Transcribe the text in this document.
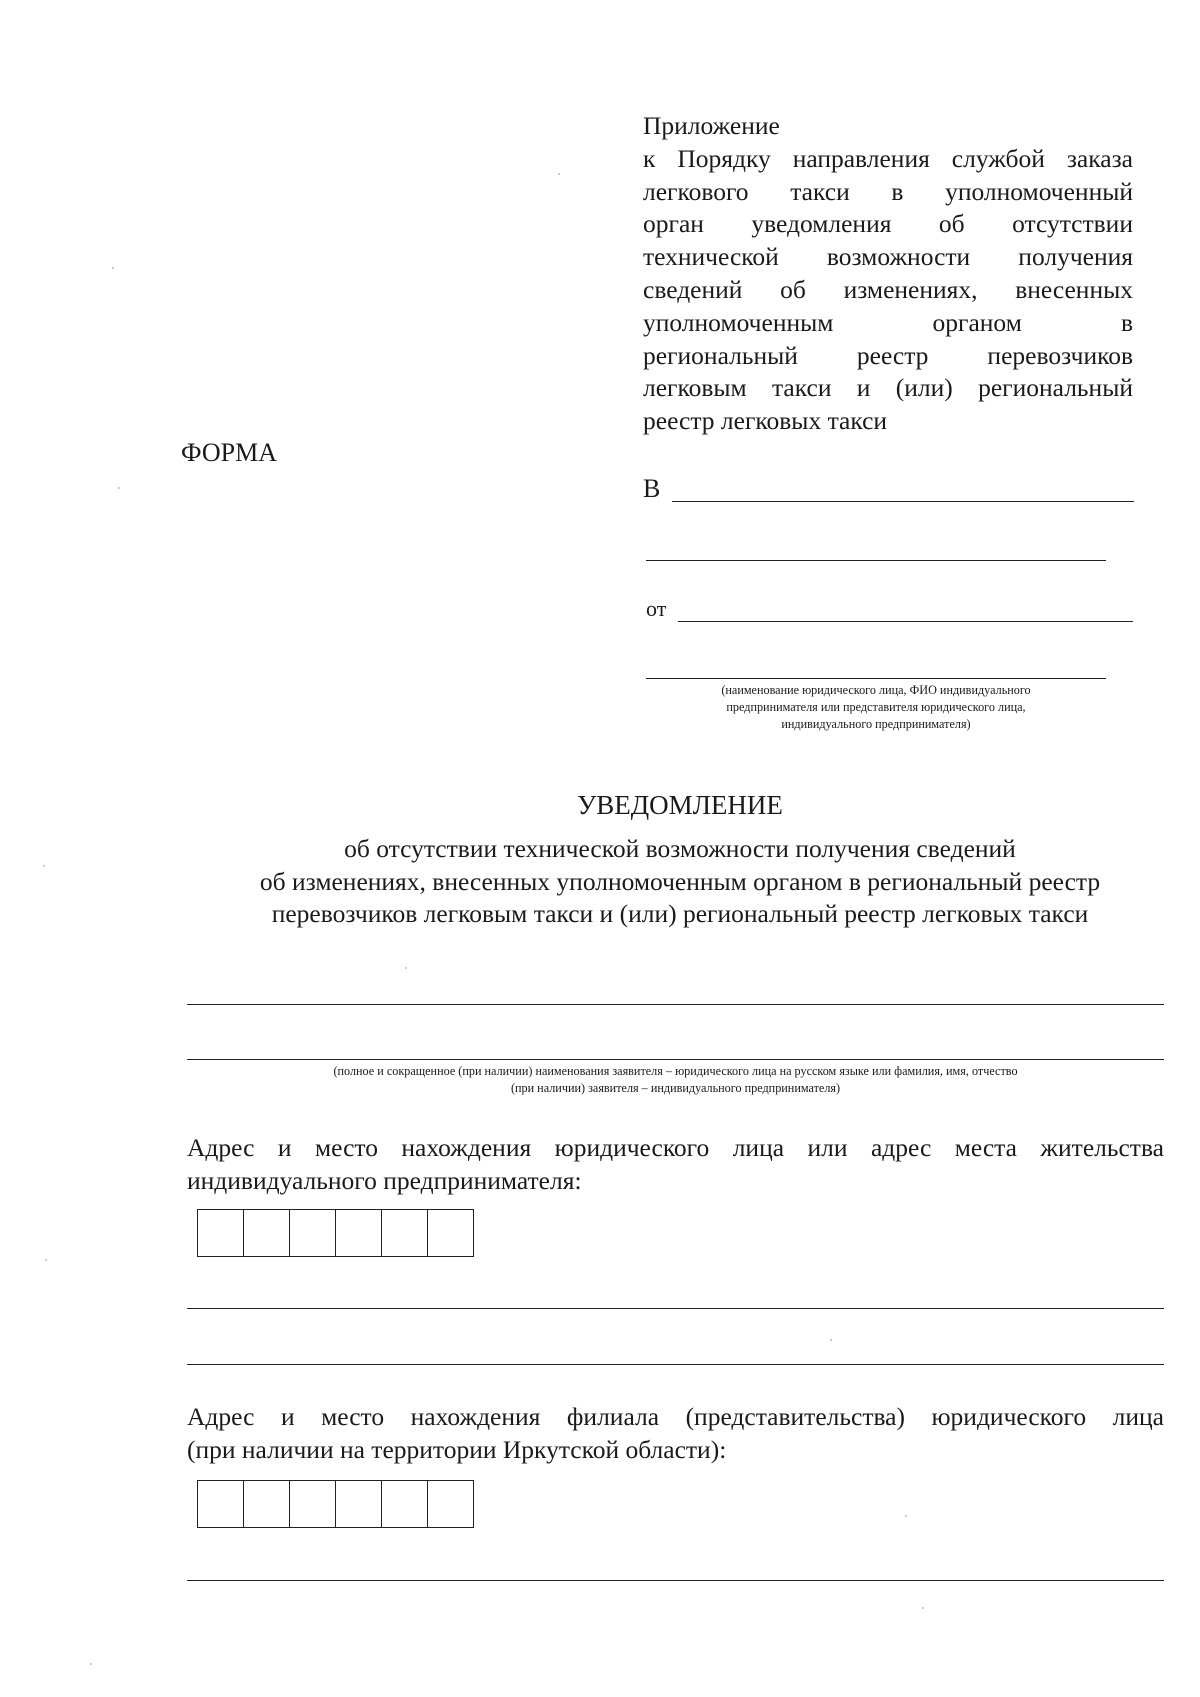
Приложение
к Порядку направления службой заказа
легкового такси в уполномоченный
орган уведомления об отсутствии
технической возможности получения
сведений об изменениях, внесенных
уполномоченным	органом	в
региональный реестр перевозчиков
легковым такси и (или) региональный
реестр легковых такси
ФОРМА
В
от
(наименование юридического лица, ФИО индивидуального
предпринимателя или представителя юридического лица,
индивидуального предпринимателя)
УВЕДОМЛЕНИЕ
об отсутствии технической возможности получения сведений
об изменениях, внесенных уполномоченным органом в региональный реестр
перевозчиков легковым такси и (или) региональный реестр легковых такси
(полное и сокращенное (при наличии) наименования заявителя – юридического лица на русском языке или фамилия, имя, отчество
(при наличии) заявителя – индивидуального предпринимателя)
Адрес и место нахождения юридического лица или адрес места жительства
индивидуального предпринимателя:
Адрес и место нахождения филиала (представительства) юридического лица
(при наличии на территории Иркутской области):
